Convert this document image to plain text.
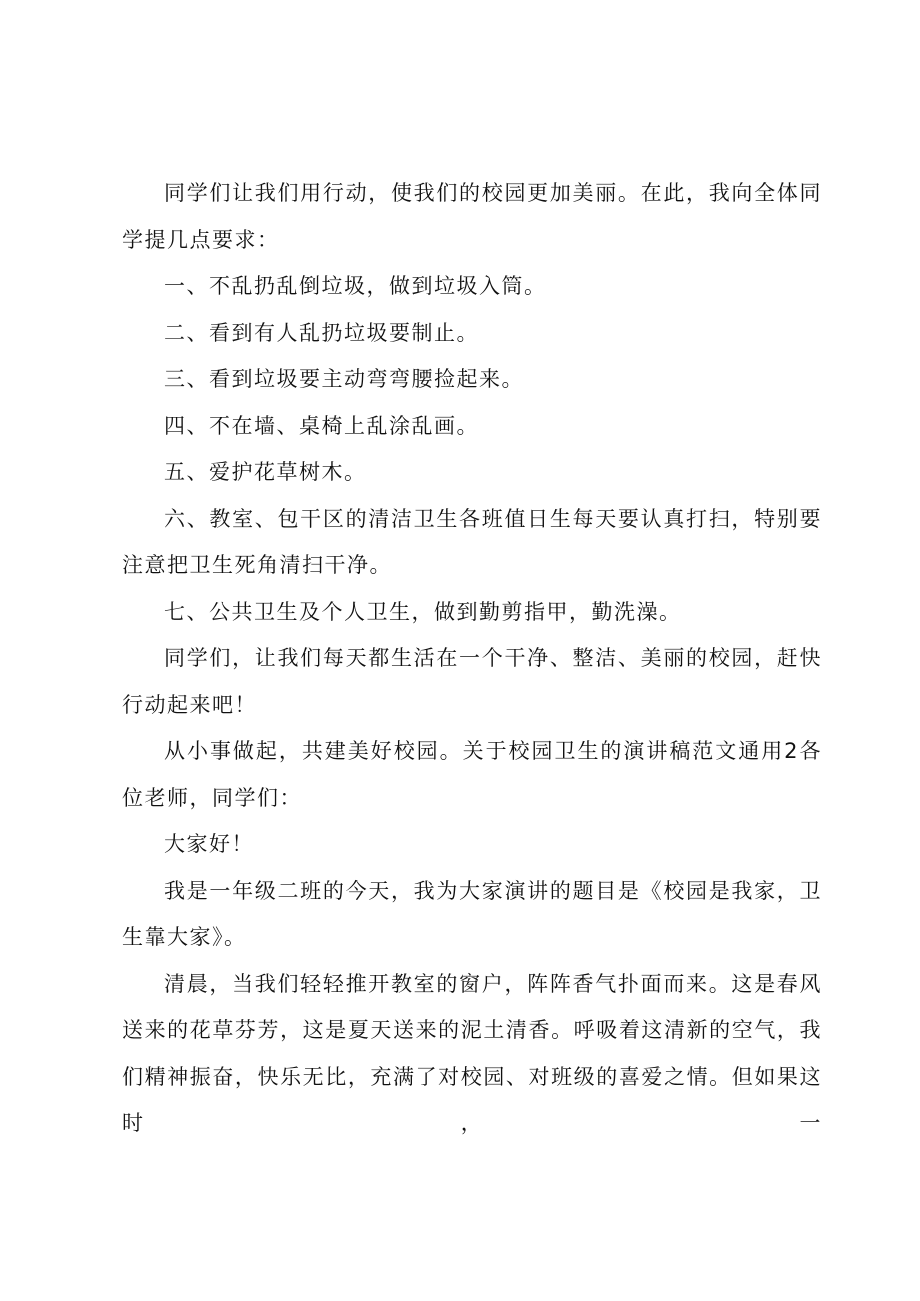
同学们让我们用行动，使我们的校园更加美丽。在此，我向全体同学提几点要求：

一、不乱扔乱倒垃圾，做到垃圾入筒。

二、看到有人乱扔垃圾要制止。

三、看到垃圾要主动弯弯腰捡起来。

四、不在墙、桌椅上乱涂乱画。

五、爱护花草树木。

六、教室、包干区的清洁卫生各班值日生每天要认真打扫，特别要注意把卫生死角清扫干净。

七、公共卫生及个人卫生，做到勤剪指甲，勤洗澡。

同学们，让我们每天都生活在一个干净、整洁、美丽的校园，赶快行动起来吧！

从小事做起，共建美好校园。关于校园卫生的演讲稿范文通用2各位老师，同学们：

大家好！

我是一年级二班的今天，我为大家演讲的题目是《校园是我家，卫生靠大家》。

清晨，当我们轻轻推开教室的窗户，阵阵香气扑面而来。这是春风送来的花草芬芳，这是夏天送来的泥土清香。呼吸着这清新的空气，我们精神振奋，快乐无比，充满了对校园、对班级的喜爱之情。但如果这时，一
